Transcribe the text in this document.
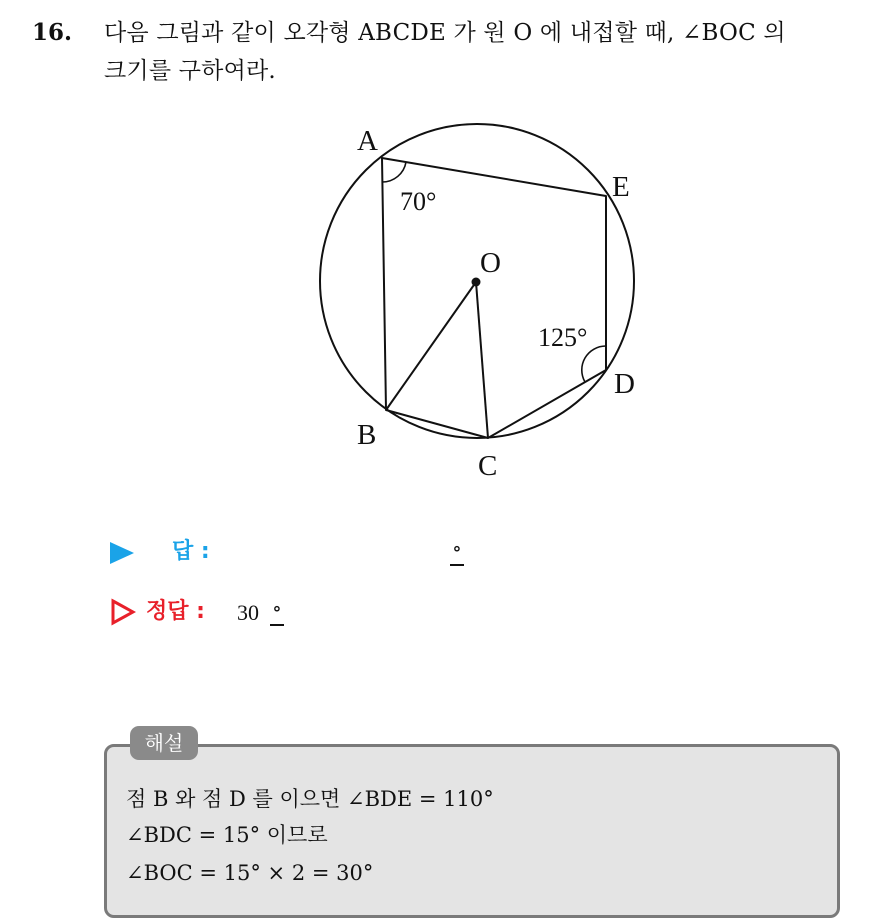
16. 다음 그림과 같이 오각형 ABCDE 가 원 O 에 내접할 때, ∠BOC 의
크기를 구하여라.
A
E
O
D
B
C
70°
125°
답 :	∘
정답 : 30 ∘
해설
점 B 와 점 D 를 이으면 ∠BDE = 110°
∠BDC = 15° 이므로
∠BOC = 15° × 2 = 30°
